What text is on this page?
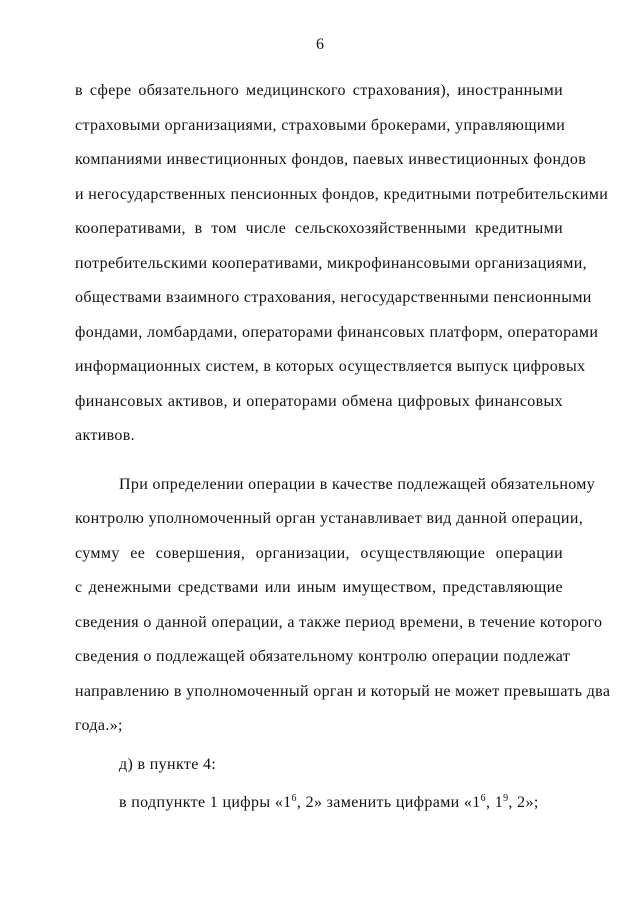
6
в сфере обязательного медицинского страхования), иностранными
страховыми организациями, страховыми брокерами, управляющими
компаниями инвестиционных фондов, паевых инвестиционных фондов
и негосударственных пенсионных фондов, кредитными потребительскими
кооперативами, в том числе сельскохозяйственными кредитными
потребительскими кооперативами, микрофинансовыми организациями,
обществами взаимного страхования, негосударственными пенсионными
фондами, ломбардами, операторами финансовых платформ, операторами
информационных систем, в которых осуществляется выпуск цифровых
финансовых активов, и операторами обмена цифровых финансовых
активов.
При определении операции в качестве подлежащей обязательному
контролю уполномоченный орган устанавливает вид данной операции,
сумму ее совершения, организации, осуществляющие операции
с денежными средствами или иным имуществом, представляющие
сведения о данной операции, а также период времени, в течение которого
сведения о подлежащей обязательному контролю операции подлежат
направлению в уполномоченный орган и который не может превышать два
года.»;
д) в пункте 4:
в подпункте 1 цифры «$1^6$, 2» заменить цифрами «$1^6$, $1^9$, 2»;
